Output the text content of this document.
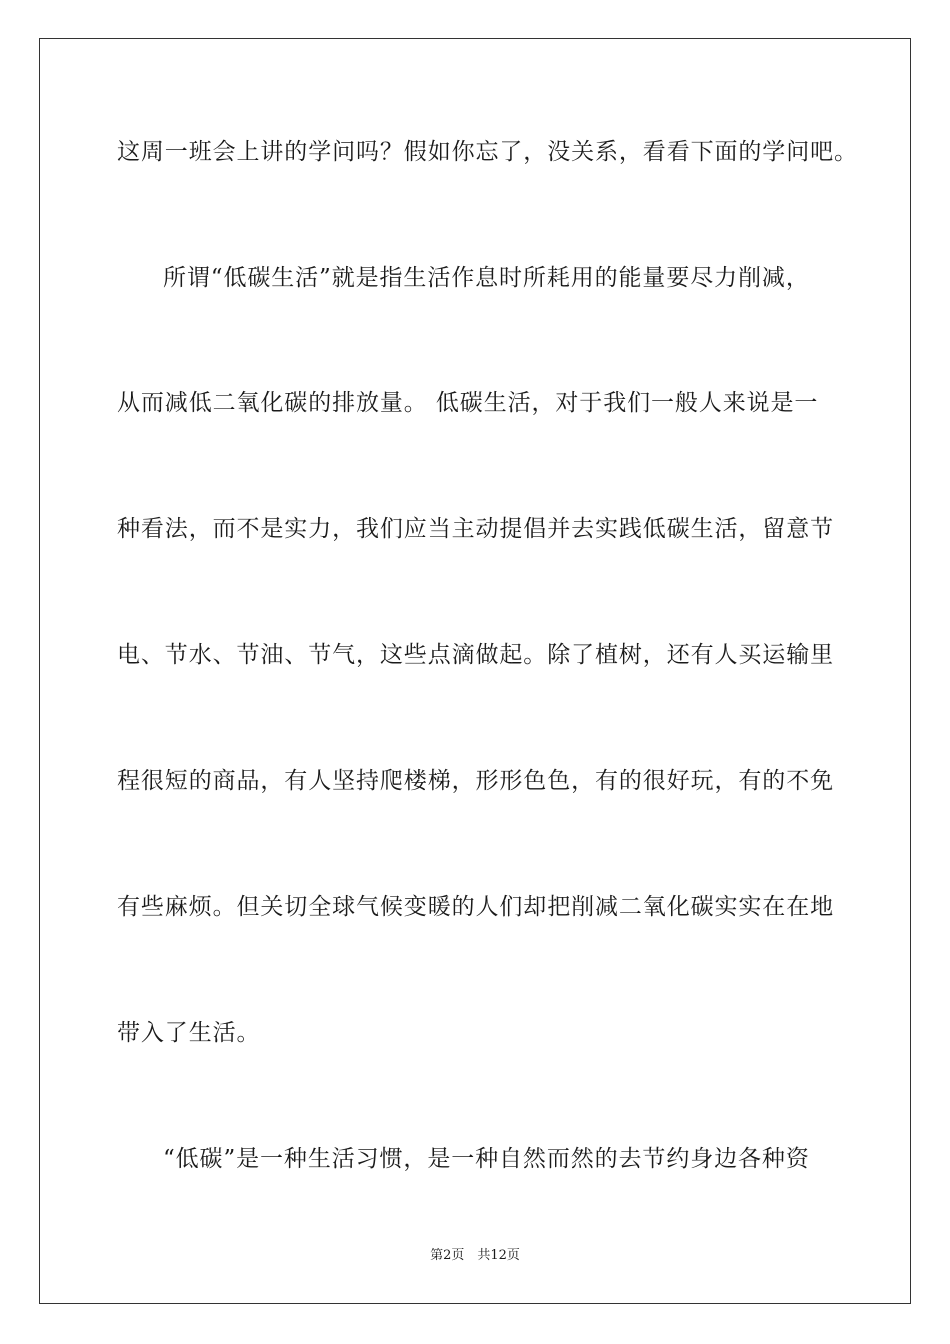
这周一班会上讲的学问吗？假如你忘了，没关系，看看下面的学问吧。
所谓“低碳生活”就是指生活作息时所耗用的能量要尽力削减，
从而减低二氧化碳的排放量。 低碳生活，对于我们一般人来说是一
种看法，而不是实力，我们应当主动提倡并去实践低碳生活，留意节
电、节水、节油、节气，这些点滴做起。除了植树，还有人买运输里
程很短的商品，有人坚持爬楼梯，形形色色，有的很好玩，有的不免
有些麻烦。但关切全球气候变暖的人们却把削减二氧化碳实实在在地
带入了生活。
“低碳”是一种生活习惯，是一种自然而然的去节约身边各种资
第2页　共12页
